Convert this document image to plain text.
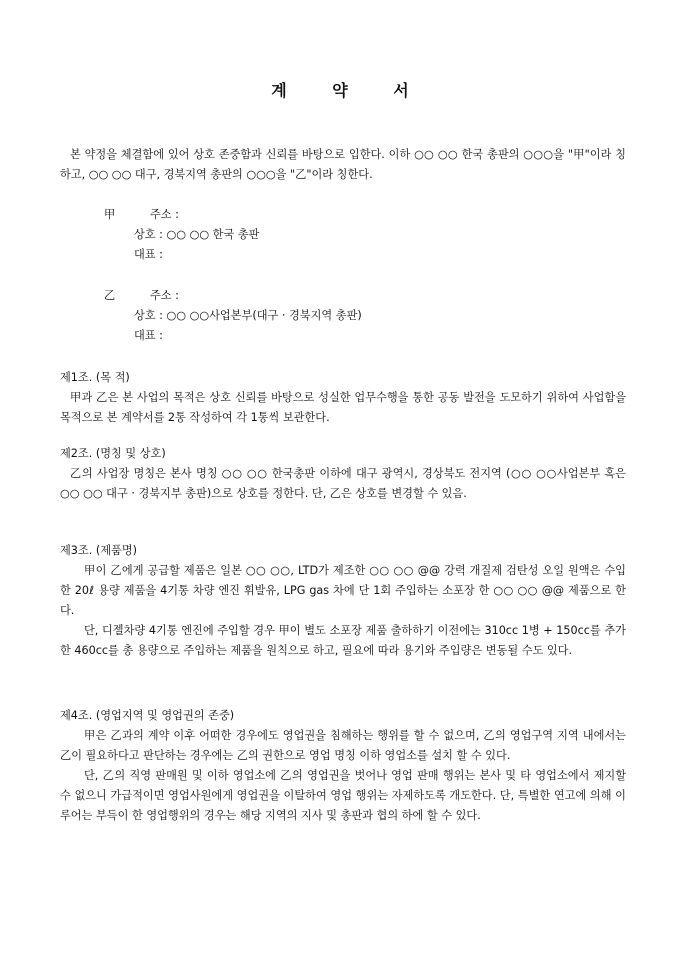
계 약 서

본 약정을 체결함에 있어 상호 존중함과 신뢰를 바탕으로 입한다. 이하 ○○ ○○ 한국 총판의 ○○○을 "甲"이라 칭하고, ○○ ○○ 대구, 경북지역 총판의 ○○○을 "乙"이라 칭한다.

甲	주소 :
상호 : ○○ ○○ 한국 총판
대표 :
乙	주소 :
상호 : ○○ ○○사업본부(대구 · 경북지역 총판)
대표 :

제1조. (목 적)

甲과 乙은 본 사업의 목적은 상호 신뢰를 바탕으로 성실한 업무수행을 통한 공동 발전을 도모하기 위하여 사업함을 목적으로 본 계약서를 2통 작성하여 각 1통씩 보관한다.

제2조. (명칭 및 상호)

乙의 사업장 명칭은 본사 명칭 ○○ ○○ 한국총판 이하에 대구 광역시, 경상북도 전지역 (○○ ○○사업본부 혹은 ○○ ○○ 대구 · 경북지부 총판)으로 상호를 정한다. 단, 乙은 상호를 변경할 수 있음.

제3조. (제품명)

甲이 乙에게 공급할 제품은 일본 ○○ ○○, LTD가 제조한 ○○ ○○ @@ 강력 개질제 검탄성 오일 원액은 수입한 20ℓ 용량 제품을 4기통 차량 엔진 휘발유, LPG gas 차에 단 1회 주입하는 소포장 한 ○○ ○○ @@ 제품으로 한다.

단, 디젤차량 4기통 엔진에 주입할 경우 甲이 별도 소포장 제품 출하하기 이전에는 310cc 1병 + 150cc를 추가한 460cc를 총 용량으로 주입하는 제품을 원칙으로 하고, 필요에 따라 용기와 주입량은 변동될 수도 있다.

제4조. (영업지역 및 영업권의 존중)

甲은 乙과의 계약 이후 어떠한 경우에도 영업권을 침해하는 행위를 할 수 없으며, 乙의 영업구역 지역 내에서는 乙이 필요하다고 판단하는 경우에는 乙의 권한으로 영업 명칭 이하 영업소를 설치 할 수 있다.

단, 乙의 직영 판매원 및 이하 영업소에 乙의 영업권을 벗어나 영업 판매 행위는 본사 및 타 영업소에서 제지할 수 없으니 가급적이면 영업사원에게 영업권을 이탈하여 영업 행위는 자제하도록 개도한다. 단, 특별한 연고에 의해 이루어는 부득이 한 영업행위의 경우는 해당 지역의 지사 및 총판과 협의 하에 할 수 있다.
